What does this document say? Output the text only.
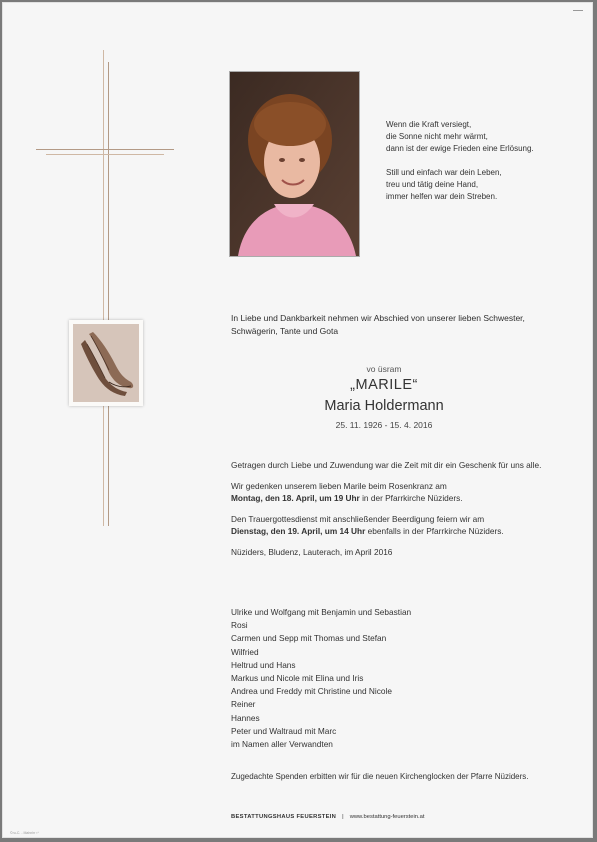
Wenn die Kraft versiegt,

die Sonne nicht mehr wärmt,

dann ist der ewige Frieden eine Erlösung.

Still und einfach war dein Leben,

treu und tätig deine Hand,

immer helfen war dein Streben.

In Liebe und Dankbarkeit nehmen wir Abschied von unserer lieben Schwester, Schwägerin, Tante und Gota
vo üsram
„MARILE“
Maria Holdermann
25. 11. 1926 - 15. 4. 2016

Getragen durch Liebe und Zuwendung war die Zeit mit dir ein Geschenk für uns alle.

Wir gedenken unserem lieben Marile beim Rosenkranz am
Montag, den 18. April, um 19 Uhr in der Pfarrkirche Nüziders.

Den Trauergottesdienst mit anschließender Beerdigung feiern wir am
Dienstag, den 19. April, um 14 Uhr ebenfalls in der Pfarrkirche Nüziders.

Nüziders, Bludenz, Lauterach, im April 2016

Ulrike und Wolfgang mit Benjamin und Sebastian
Rosi
Carmen und Sepp mit Thomas und Stefan
Wilfried
Heltrud und Hans
Markus und Nicole mit Elina und Iris
Andrea und Freddy mit Christine und Nicole
Reiner
Hannes
Peter und Waltraud mit Marc
im Namen aller Verwandten
Zugedachte Spenden erbitten wir für die neuen Kirchenglocken der Pfarre Nüziders.
BESTATTUNGSHAUS FEUERSTEIN | www.bestattung-feuerstein.at
©ru-C. - Mahnhr ¹⁶
